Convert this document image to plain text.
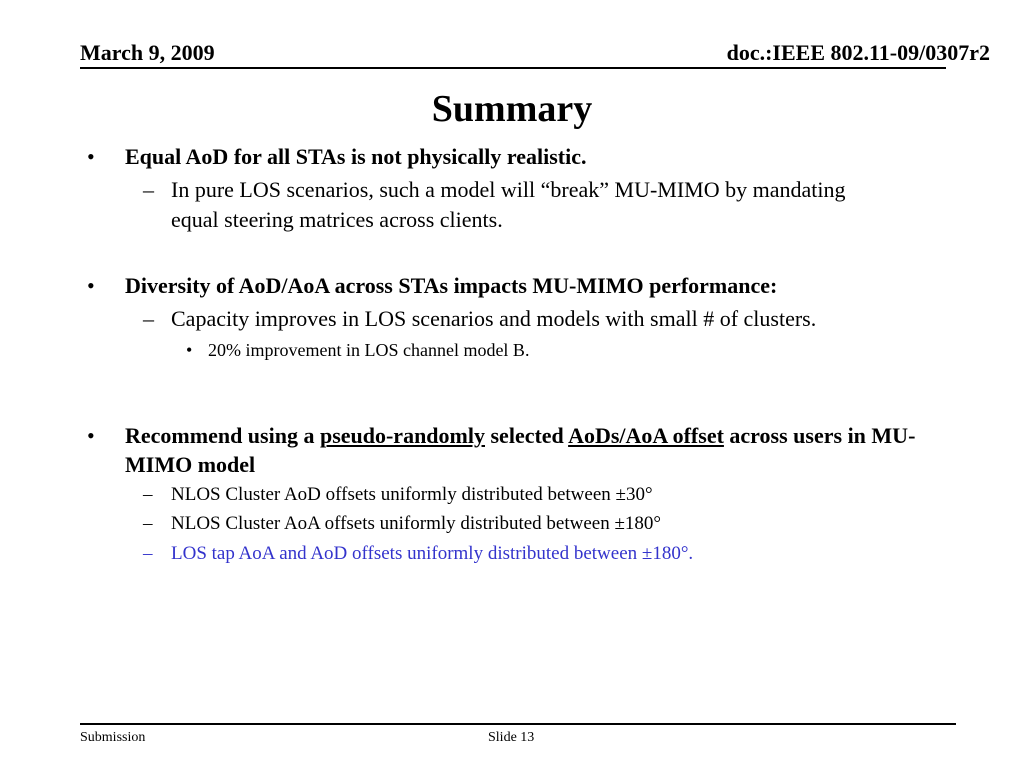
March 9, 2009	doc.:IEEE 802.11-09/0307r2
Summary
• Equal AoD for all STAs is not physically realistic.
– In pure LOS scenarios, such a model will “break” MU-MIMO by mandating equal steering matrices across clients.
• Diversity of AoD/AoA across STAs impacts MU-MIMO performance:
– Capacity improves in LOS scenarios and models with small # of clusters.
• 20% improvement in LOS channel model B.
• Recommend using a pseudo-randomly selected AoDs/AoA offset across users in MU-MIMO model
– NLOS Cluster AoD offsets uniformly distributed between ±30°
– NLOS Cluster AoA offsets uniformly distributed between ±180°
– LOS tap AoA and AoD offsets uniformly distributed between ±180°.
Submission	Slide 13
